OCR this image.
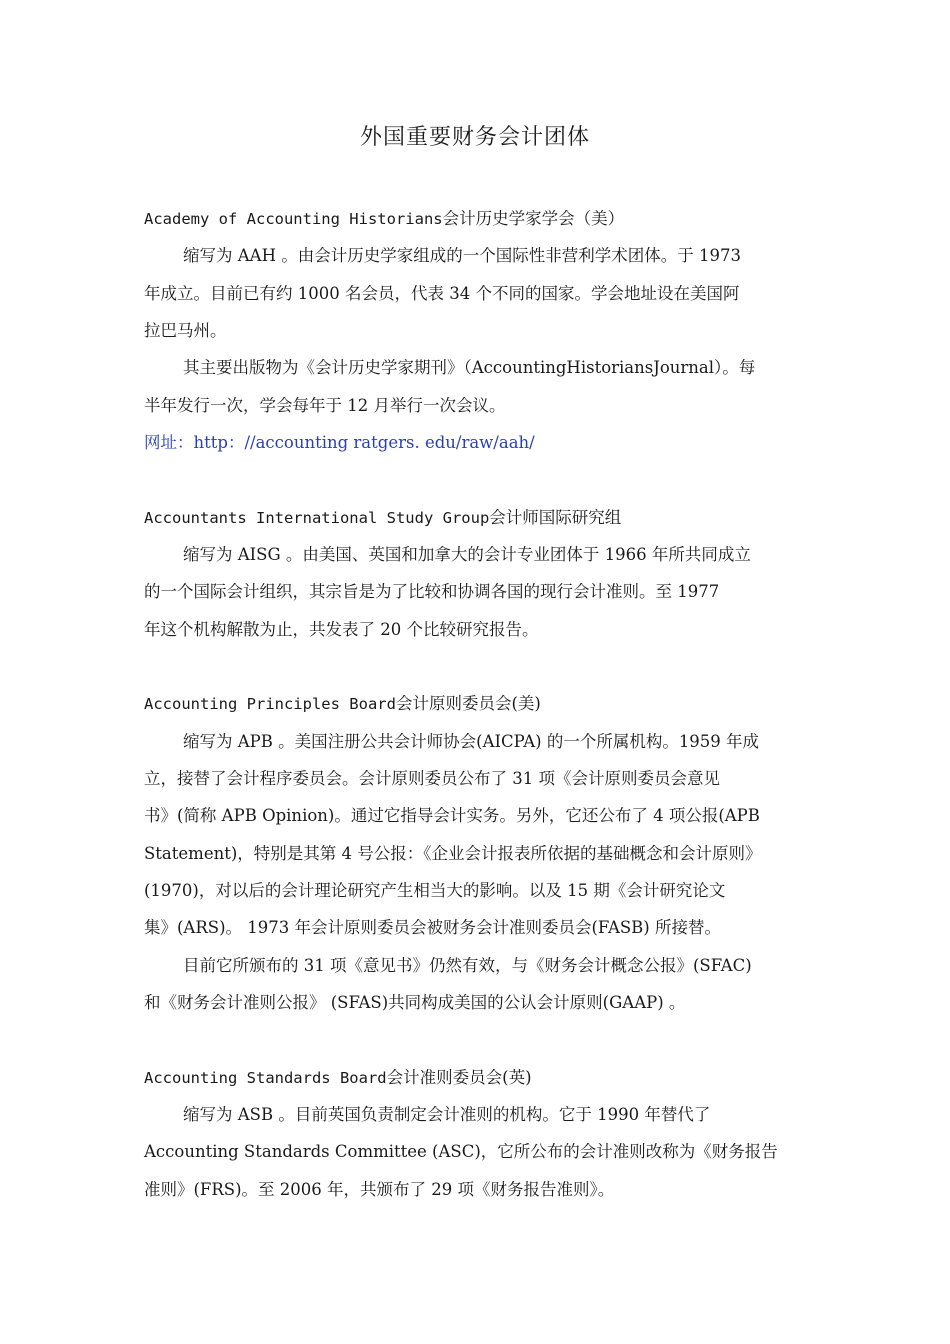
外国重要财务会计团体
Academy of Accounting Historians会计历史学家学会（美）
缩写为 AAH 。由会计历史学家组成的一个国际性非营利学术团体。于 1973
年成立。目前已有约 1000 名会员，代表 34 个不同的国家。学会地址设在美国阿
拉巴马州。
其主要出版物为《会计历史学家期刊》（AccountingHistoriansJournal）。每
半年发行一次，学会每年于 12 月举行一次会议。
网址：http：//accounting ratgers. edu/raw/aah/
Accountants International Study Group会计师国际研究组
缩写为 AISG 。由美国、英国和加拿大的会计专业团体于 1966 年所共同成立
的一个国际会计组织，其宗旨是为了比较和协调各国的现行会计准则。至 1977
年这个机构解散为止，共发表了 20 个比较研究报告。
Accounting Principles Board会计原则委员会(美)
缩写为 APB 。美国注册公共会计师协会(AICPA) 的一个所属机构。1959 年成
立，接替了会计程序委员会。会计原则委员公布了 31 项《会计原则委员会意见
书》(简称 APB Opinion)。通过它指导会计实务。另外，它还公布了 4 项公报(APB
Statement)，特别是其第 4 号公报：《企业会计报表所依据的基础概念和会计原则》
(1970)，对以后的会计理论研究产生相当大的影响。以及 15 期《会计研究论文
集》(ARS)。 1973 年会计原则委员会被财务会计准则委员会(FASB) 所接替。
目前它所颁布的 31 项《意见书》仍然有效，与《财务会计概念公报》(SFAC)
和《财务会计准则公报》 (SFAS)共同构成美国的公认会计原则(GAAP) 。
Accounting Standards Board会计准则委员会(英)
缩写为 ASB 。目前英国负责制定会计准则的机构。它于 1990 年替代了
Accounting Standards Committee (ASC)，它所公布的会计准则改称为《财务报告
准则》(FRS)。至 2006 年，共颁布了 29 项《财务报告准则》。
